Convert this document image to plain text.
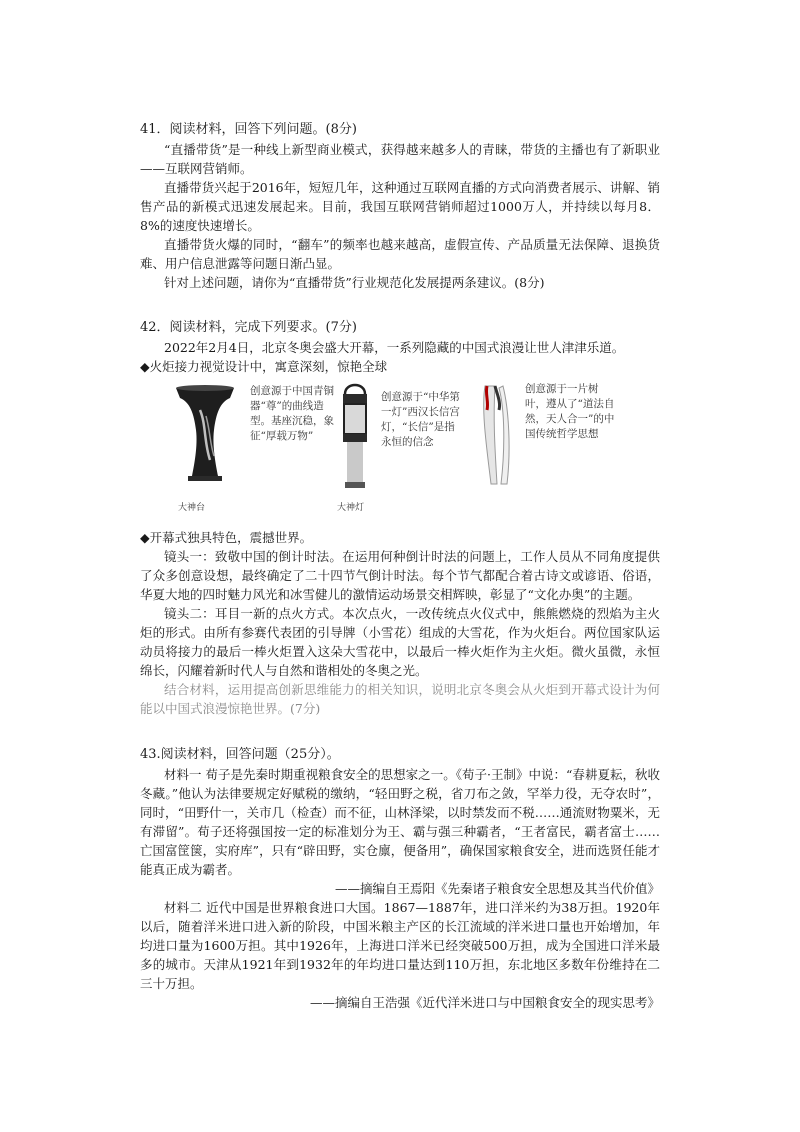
41．阅读材料，回答下列问题。(8分)

“直播带货”是一种线上新型商业模式，获得越来越多人的青睐，带货的主播也有了新职业——互联网营销师。

直播带货兴起于2016年，短短几年，这种通过互联网直播的方式向消费者展示、讲解、销售产品的新模式迅速发展起来。目前，我国互联网营销师超过1000万人，并持续以每月8．8%的速度快速增长。

直播带货火爆的同时，“翻车”的频率也越来越高，虚假宣传、产品质量无法保障、退换货难、用户信息泄露等问题日渐凸显。

针对上述问题，请你为“直播带货”行业规范化发展提两条建议。(8分)

42．阅读材料，完成下列要求。(7分)

2022年2月4日，北京冬奥会盛大开幕，一系列隐藏的中国式浪漫让世人津津乐道。

◆火炬接力视觉设计中，寓意深刻，惊艳全球
大神台
创意源于中国青铜器“尊”的曲线造型。基座沉稳，象征“厚载万物”
大神灯
创意源于“中华第一灯”西汉长信宫灯，“长信”是指永恒的信念
创意源于一片树叶，遵从了“道法自然，天人合一”的中国传统哲学思想
◆开幕式独具特色，震撼世界。

镜头一：致敬中国的倒计时法。在运用何种倒计时法的问题上，工作人员从不同角度提供了众多创意设想，最终确定了二十四节气倒计时法。每个节气都配合着古诗文或谚语、俗语，华夏大地的四时魅力风光和冰雪健儿的激情运动场景交相辉映，彰显了“文化办奥”的主题。

镜头二：耳目一新的点火方式。本次点火，一改传统点火仪式中，熊熊燃烧的烈焰为主火炬的形式。由所有参赛代表团的引导牌（小雪花）组成的大雪花，作为火炬台。两位国家队运动员将接力的最后一棒火炬置入这朵大雪花中，以最后一棒火炬作为主火炬。微火虽微，永恒绵长，闪耀着新时代人与自然和谐相处的冬奥之光。

结合材料，运用提高创新思维能力的相关知识，说明北京冬奥会从火炬到开幕式设计为何能以中国式浪漫惊艳世界。(7分)

43.阅读材料，回答问题（25分）。

材料一 荀子是先秦时期重视粮食安全的思想家之一。《荀子·王制》中说：“春耕夏耘，秋收冬藏。”他认为法律要规定好赋税的缴纳，“轻田野之税，省刀布之敛，罕举力役，无夺农时”，同时，“田野什一，关市几（检查）而不征，山林泽梁，以时禁发而不税……通流财物粟米，无有滞留”。荀子还将强国按一定的标准划分为王、霸与强三种霸者，“王者富民，霸者富士……亡国富筐箧，实府库”，只有“辟田野，实仓廪，便备用”，确保国家粮食安全，进而选贤任能才能真正成为霸者。

——摘编自王焉阳《先秦诸子粮食安全思想及其当代价值》

材料二 近代中国是世界粮食进口大国。1867—1887年，进口洋米约为38万担。1920年以后，随着洋米进口进入新的阶段，中国米粮主产区的长江流域的洋米进口量也开始增加，年均进口量为1600万担。其中1926年，上海进口洋米已经突破500万担，成为全国进口洋米最多的城市。天津从1921年到1932年的年均进口量达到110万担，东北地区多数年份维持在二三十万担。

——摘编自王浩强《近代洋米进口与中国粮食安全的现实思考》
